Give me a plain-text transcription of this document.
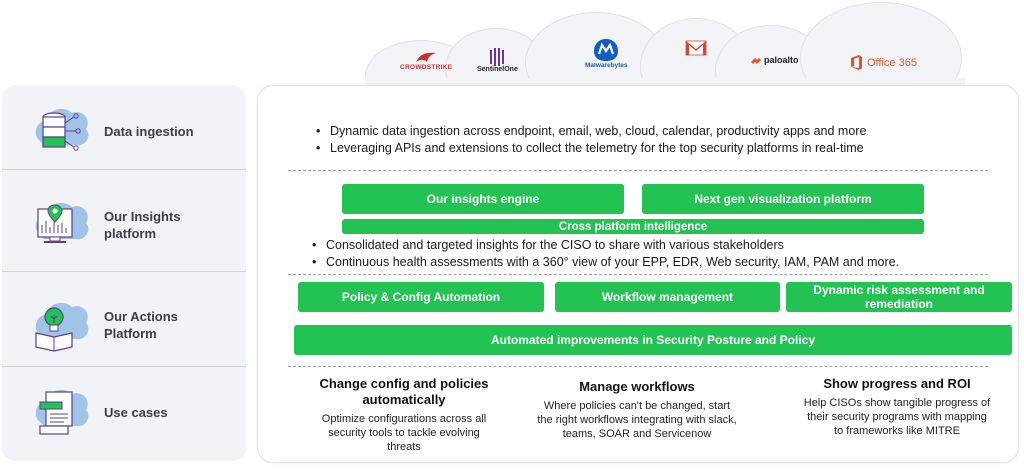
CROWDSTRIKE	SentinelOne
Malwarebytes
paloalto	Office 365
Data ingestion
Our Insights platform
Our Actions Platform
Use cases
• Dynamic data ingestion across endpoint, email, web, cloud, calendar, productivity apps and more
• Leveraging APIs and extensions to collect the telemetry for the top security platforms in real-time
Our insights engine	Next gen visualization platform
Cross platform intelligence
• Consolidated and targeted insights for the CISO to share with various stakeholders
• Continuous health assessments with a 360° view of your EPP, EDR, Web security, IAM, PAM and more.
Policy & Config Automation	Workflow management	Dynamic risk assessment and remediation
Automated improvements in Security Posture and Policy
Change config and policies automatically
Optimize configurations across all security tools to tackle evolving threats
Manage workflows
Where policies can't be changed, start the right workflows integrating with slack, teams, SOAR and Servicenow
Show progress and ROI
Help CISOs show tangible progress of their security programs with mapping to frameworks like MITRE
